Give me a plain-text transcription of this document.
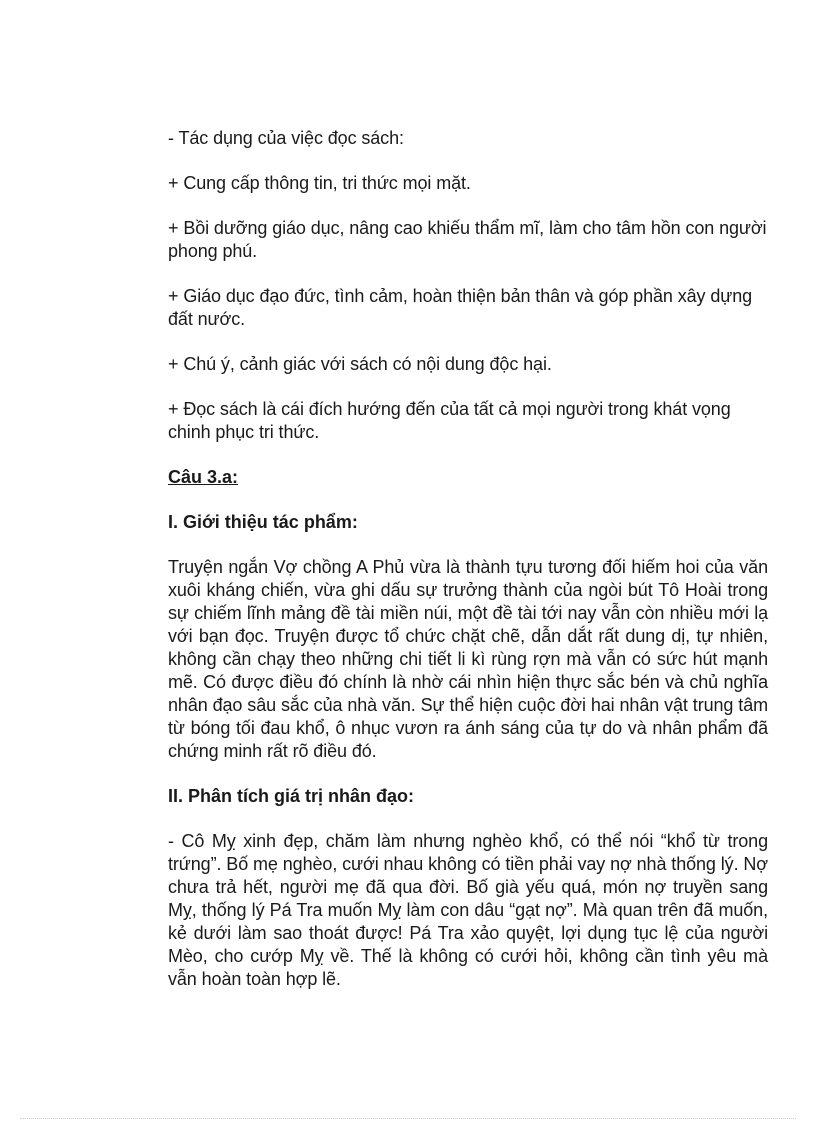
- Tác dụng của việc đọc sách:

+ Cung cấp thông tin, tri thức mọi mặt.

+ Bồi dưỡng giáo dục, nâng cao khiếu thẩm mĩ, làm cho tâm hồn con người phong phú.

+ Giáo dục đạo đức, tình cảm, hoàn thiện bản thân và góp phần xây dựng đất nước.

+ Chú ý, cảnh giác với sách có nội dung độc hại.

+ Đọc sách là cái đích hướng đến của tất cả mọi người trong khát vọng chinh phục tri thức.

Câu 3.a:

I. Giới thiệu tác phẩm:

Truyện ngắn Vợ chồng A Phủ vừa là thành tựu tương đối hiếm hoi của văn xuôi kháng chiến, vừa ghi dấu sự trưởng thành của ngòi bút Tô Hoài trong sự chiếm lĩnh mảng đề tài miền núi, một đề tài tới nay vẫn còn nhiều mới lạ với bạn đọc. Truyện được tổ chức chặt chẽ, dẫn dắt rất dung dị, tự nhiên, không cần chạy theo những chi tiết li kì rùng rợn mà vẫn có sức hút mạnh mẽ. Có được điều đó chính là nhờ cái nhìn hiện thực sắc bén và chủ nghĩa nhân đạo sâu sắc của nhà văn. Sự thể hiện cuộc đời hai nhân vật trung tâm từ bóng tối đau khổ, ô nhục vươn ra ánh sáng của tự do và nhân phẩm đã chứng minh rất rõ điều đó.

II. Phân tích giá trị nhân đạo:

- Cô Mỵ xinh đẹp, chăm làm nhưng nghèo khổ, có thể nói “khổ từ trong trứng”. Bố mẹ nghèo, cưới nhau không có tiền phải vay nợ nhà thống lý. Nợ chưa trả hết, người mẹ đã qua đời. Bố già yếu quá, món nợ truyền sang Mỵ, thống lý Pá Tra muốn Mỵ làm con dâu “gạt nợ”. Mà quan trên đã muốn, kẻ dưới làm sao thoát được! Pá Tra xảo quyệt, lợi dụng tục lệ của người Mèo, cho cướp Mỵ về. Thế là không có cưới hỏi, không cần tình yêu mà vẫn hoàn toàn hợp lẽ.
